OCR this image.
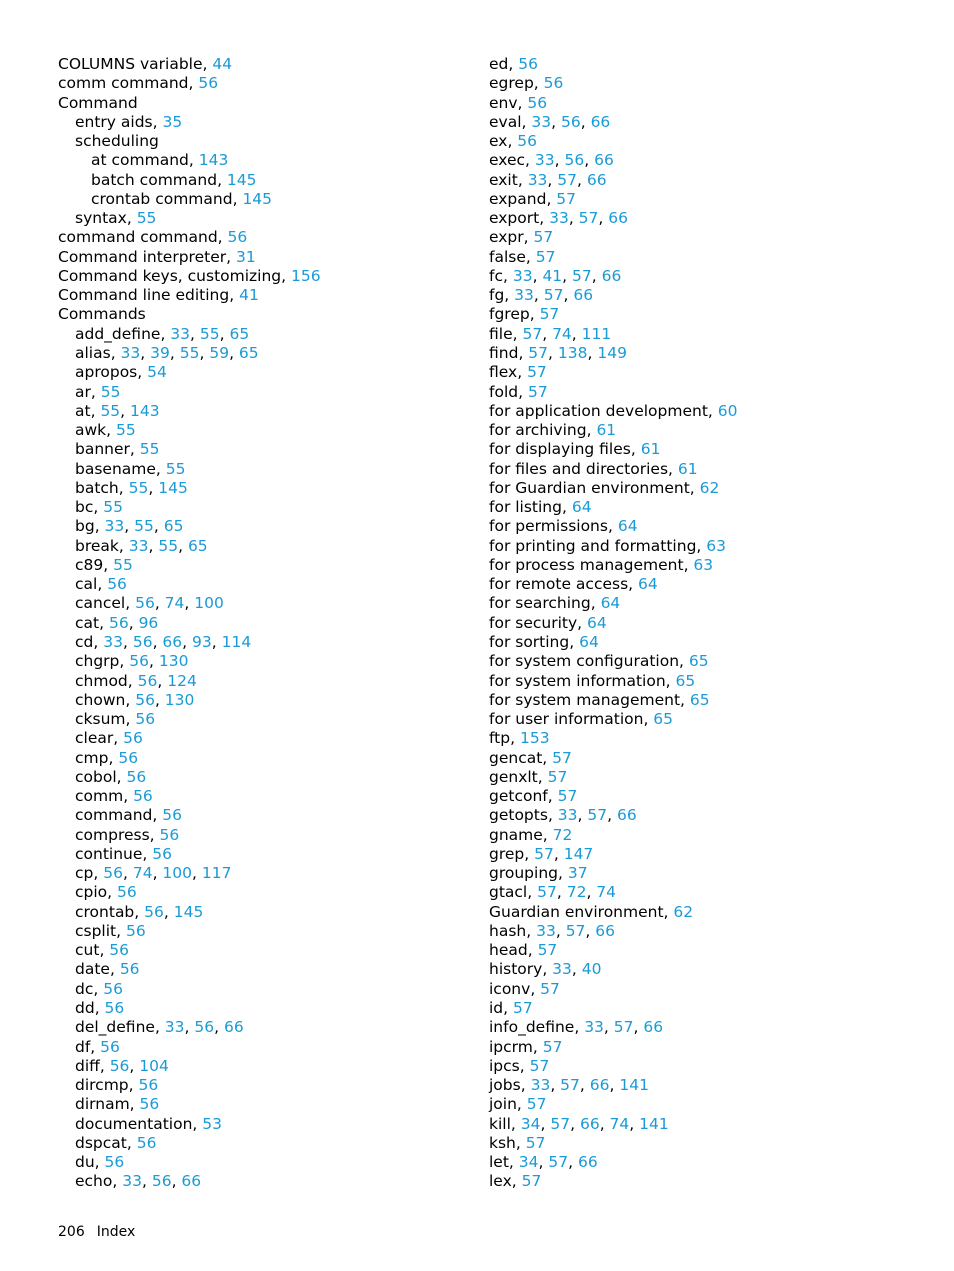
COLUMNS variable, 44
comm command, 56
Command
entry aids, 35
scheduling
at command, 143
batch command, 145
crontab command, 145
syntax, 55
command command, 56
Command interpreter, 31
Command keys, customizing, 156
Command line editing, 41
Commands
add_define, 33, 55, 65
alias, 33, 39, 55, 59, 65
apropos, 54
ar, 55
at, 55, 143
awk, 55
banner, 55
basename, 55
batch, 55, 145
bc, 55
bg, 33, 55, 65
break, 33, 55, 65
c89, 55
cal, 56
cancel, 56, 74, 100
cat, 56, 96
cd, 33, 56, 66, 93, 114
chgrp, 56, 130
chmod, 56, 124
chown, 56, 130
cksum, 56
clear, 56
cmp, 56
cobol, 56
comm, 56
command, 56
compress, 56
continue, 56
cp, 56, 74, 100, 117
cpio, 56
crontab, 56, 145
csplit, 56
cut, 56
date, 56
dc, 56
dd, 56
del_define, 33, 56, 66
df, 56
diff, 56, 104
dircmp, 56
dirnam, 56
documentation, 53
dspcat, 56
du, 56
echo, 33, 56, 66
ed, 56
egrep, 56
env, 56
eval, 33, 56, 66
ex, 56
exec, 33, 56, 66
exit, 33, 57, 66
expand, 57
export, 33, 57, 66
expr, 57
false, 57
fc, 33, 41, 57, 66
fg, 33, 57, 66
fgrep, 57
file, 57, 74, 111
find, 57, 138, 149
flex, 57
fold, 57
for application development, 60
for archiving, 61
for displaying files, 61
for files and directories, 61
for Guardian environment, 62
for listing, 64
for permissions, 64
for printing and formatting, 63
for process management, 63
for remote access, 64
for searching, 64
for security, 64
for sorting, 64
for system configuration, 65
for system information, 65
for system management, 65
for user information, 65
ftp, 153
gencat, 57
genxlt, 57
getconf, 57
getopts, 33, 57, 66
gname, 72
grep, 57, 147
grouping, 37
gtacl, 57, 72, 74
Guardian environment, 62
hash, 33, 57, 66
head, 57
history, 33, 40
iconv, 57
id, 57
info_define, 33, 57, 66
ipcrm, 57
ipcs, 57
jobs, 33, 57, 66, 141
join, 57
kill, 34, 57, 66, 74, 141
ksh, 57
let, 34, 57, 66
lex, 57
206 Index
